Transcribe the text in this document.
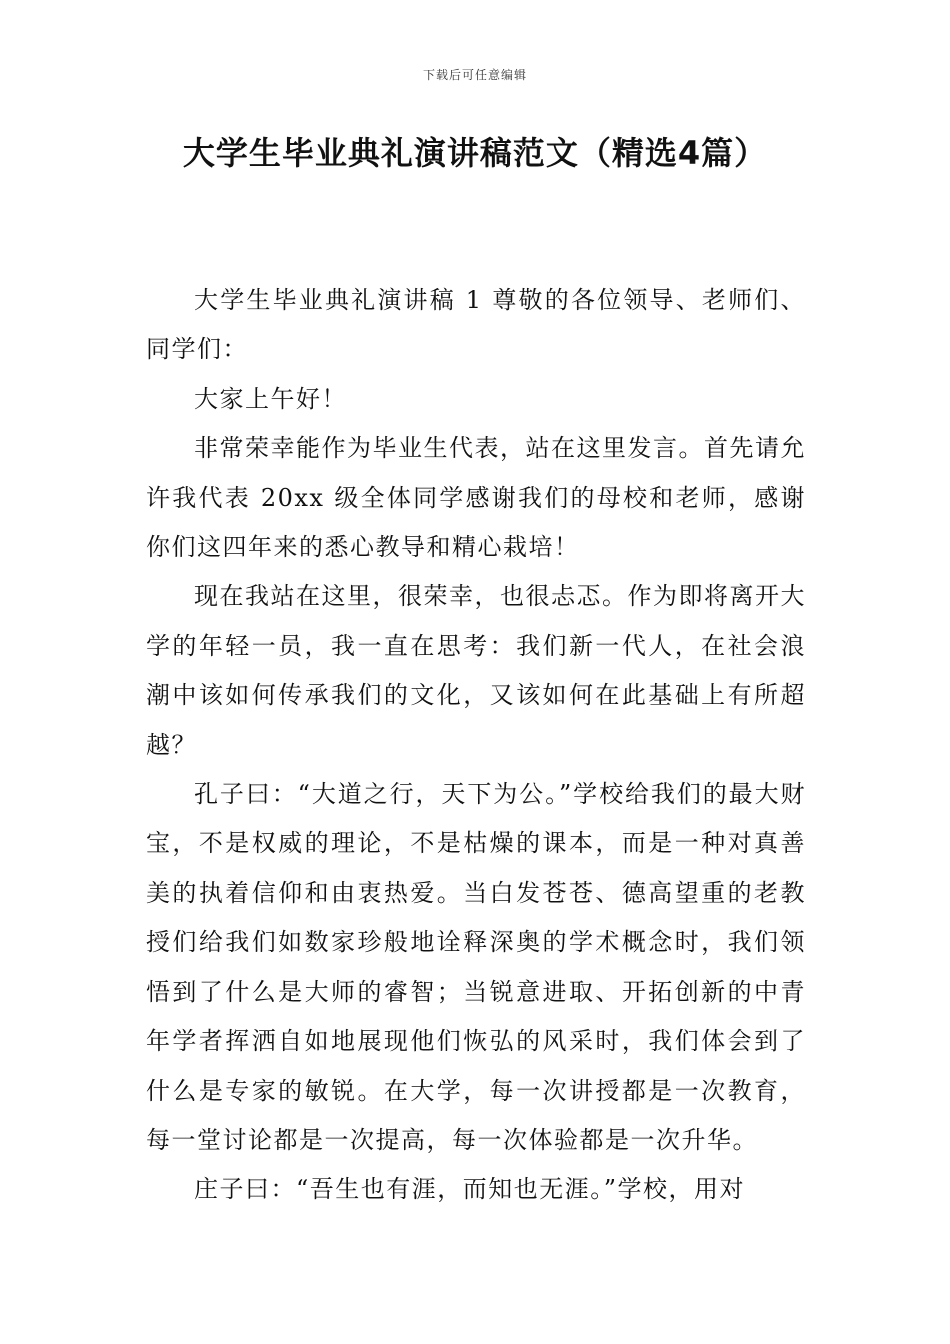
下载后可任意编辑
大学生毕业典礼演讲稿范文（精选4篇）

大学生毕业典礼演讲稿 1 尊敬的各位领导、老师们、同学们：

大家上午好！

非常荣幸能作为毕业生代表，站在这里发言。首先请允许我代表 20xx 级全体同学感谢我们的母校和老师，感谢你们这四年来的悉心教导和精心栽培！

现在我站在这里，很荣幸，也很忐忑。作为即将离开大学的年轻一员，我一直在思考：我们新一代人，在社会浪潮中该如何传承我们的文化，又该如何在此基础上有所超越？

孔子曰：“大道之行，天下为公。”学校给我们的最大财宝，不是权威的理论，不是枯燥的课本，而是一种对真善美的执着信仰和由衷热爱。当白发苍苍、德高望重的老教授们给我们如数家珍般地诠释深奥的学术概念时，我们领悟到了什么是大师的睿智；当锐意进取、开拓创新的中青年学者挥洒自如地展现他们恢弘的风采时，我们体会到了什么是专家的敏锐。在大学，每一次讲授都是一次教育，每一堂讨论都是一次提高，每一次体验都是一次升华。

庄子曰：“吾生也有涯，而知也无涯。”学校，用对
